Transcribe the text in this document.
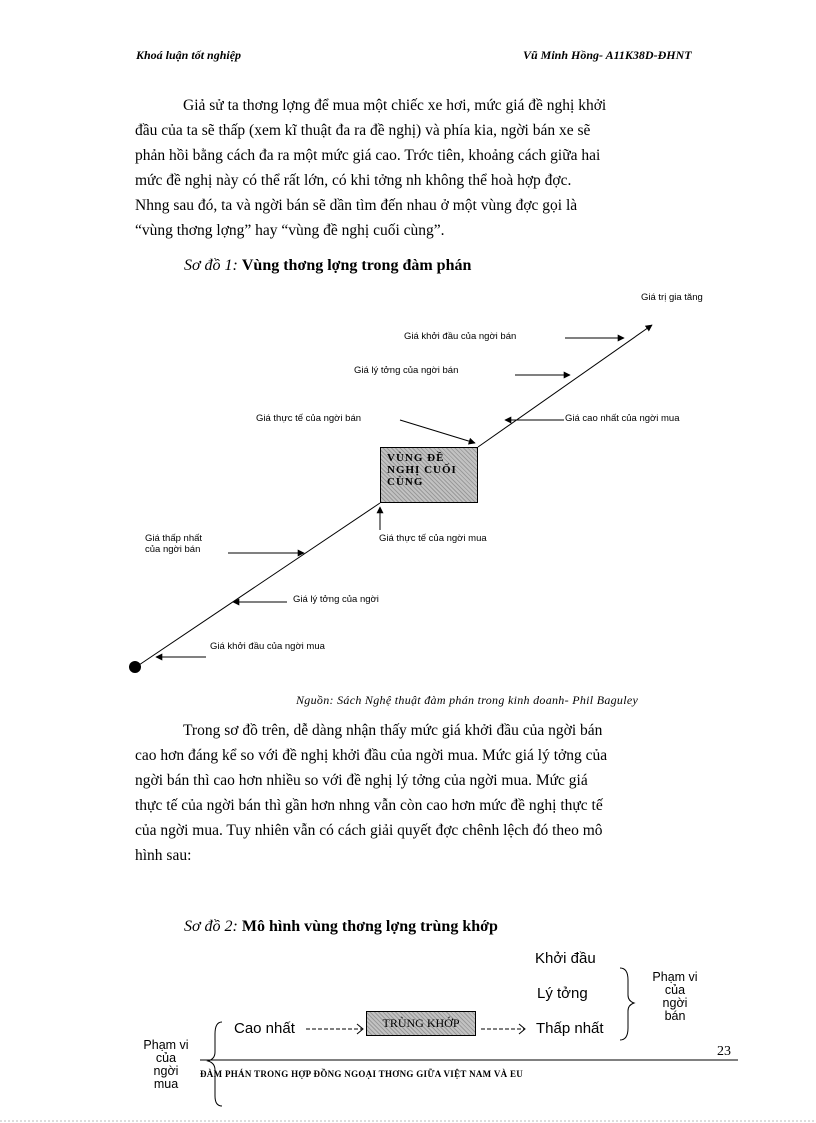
Khoá luận tốt nghiệp	Vũ Minh Hồng- A11K38D-ĐHNT
Giả sử ta thơng lợng để mua một chiếc xe hơi, mức giá đề nghị khởi
đầu của ta sẽ thấp (xem kĩ thuật đa ra đề nghị) và phía kia, ngời bán xe sẽ
phản hồi bằng cách đa ra một mức giá cao. Trớc tiên, khoảng cách giữa hai
mức đề nghị này có thể rất lớn, có khi tởng nh không thể hoà hợp đợc.
Nhng sau đó, ta và ngời bán sẽ dần tìm đến nhau ở một vùng đợc gọi là
“vùng thơng lợng” hay “vùng đề nghị cuối cùng”.
Sơ đồ 1: Vùng thơng lợng trong đàm phán
Giá trị gia tăng
Giá khởi đầu của ngời bán
Giá lý tởng của ngời bán
Giá thực tế của ngời bán	Giá cao nhất của ngời mua
VÙNG ĐỀ NGHỊ CUỐI CÙNG
Giá thấp nhất
của ngời bán
Giá thực tế của ngời mua
Giá lý tởng của ngời
Giá khởi đầu của ngời mua
Nguồn: Sách Nghệ thuật đàm phán trong kinh doanh- Phil Baguley
Trong sơ đồ trên, dễ dàng nhận thấy mức giá khởi đầu của ngời bán
cao hơn đáng kể so với đề nghị khởi đầu của ngời mua. Mức giá lý tởng của
ngời bán thì cao hơn nhiều so với đề nghị lý tởng của ngời mua. Mức giá
thực tế của ngời bán thì gần hơn nhng vẫn còn cao hơn mức đề nghị thực tế
của ngời mua. Tuy nhiên vẫn có cách giải quyết đợc chênh lệch đó theo mô
hình sau:
Sơ đồ 2: Mô hình vùng thơng lợng trùng khớp
Khởi đầu
Lý tởng
Thấp nhất
Phạm vi
của
ngời
bán
Cao nhất	TRÙNG KHỚP
Phạm vi
của
ngời
mua
23
ĐÀM PHÁN TRONG HỢP ĐỒNG NGOẠI THƠNG GIỮA VIỆT NAM VÀ EU
